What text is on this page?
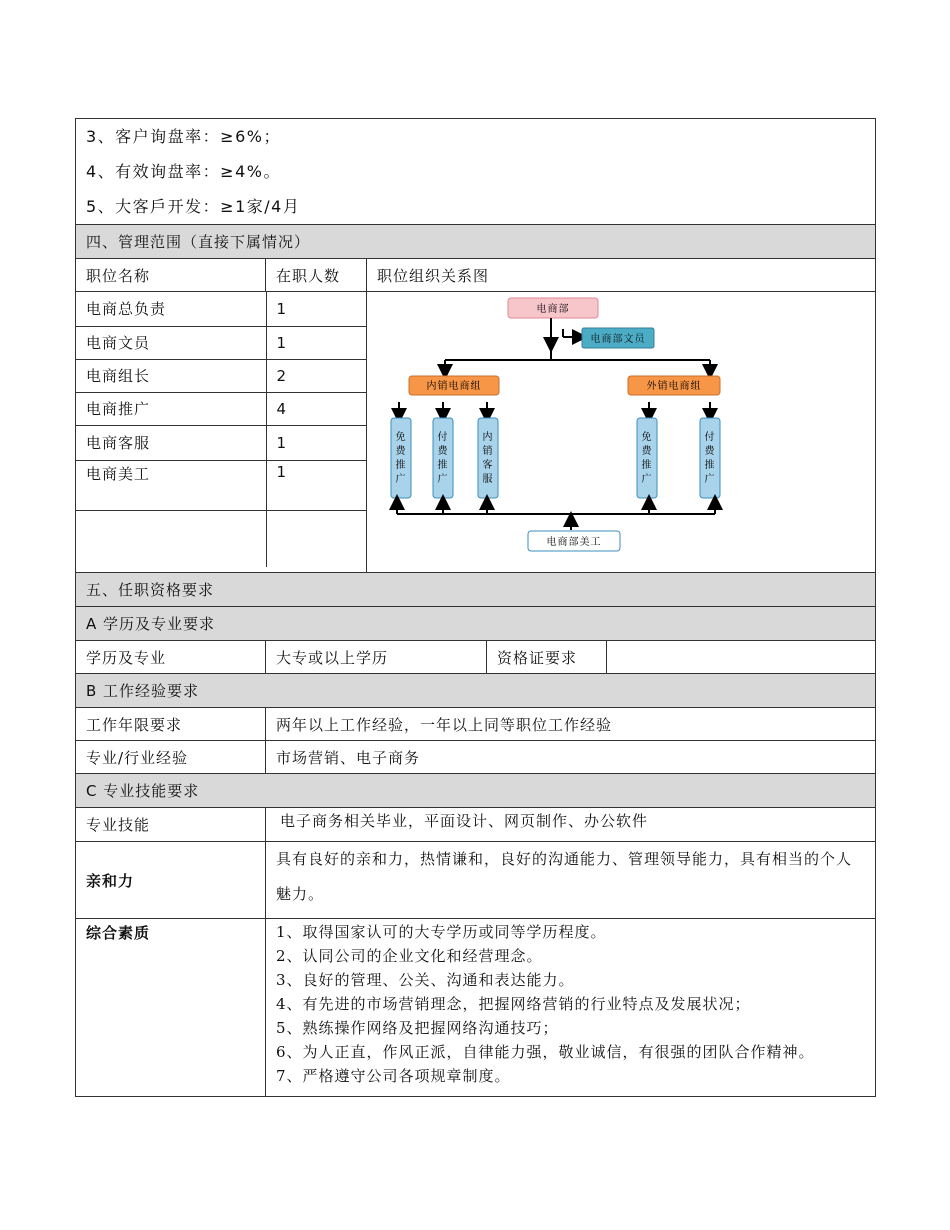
3、客户询盘率：≥6%；
4、有效询盘率：≥4%。
5、大客戶开发：≥1家/4月

四、管理范围（直接下属情况）
职位名称	在职人数	职位组织关系图

电商总负责	1
电商文员	1
电商组长	2
电商推广	4
电商客服	1
电商美工	1

电商部
电商部文员
内销电商组	外销电商组
免
费
推
广
付
费
推
广
内
销
客
服
免
费
推
广
付
费
推
广
电商部美工

五、任职资格要求
A 学历及专业要求
学历及专业	大专或以上学历	资格证要求	
B 工作经验要求
工作年限要求	两年以上工作经验，一年以上同等职位工作经验
专业/行业经验	市场营销、电子商务
C 专业技能要求
专业技能	电子商务相关毕业，平面设计、网页制作、办公软件
亲和力	具有良好的亲和力，热情谦和，良好的沟通能力、管理领导能力，具有相当的个人魅力。
综合素质	1、取得国家认可的大专学历或同等学历程度。
2、认同公司的企业文化和经营理念。
3、良好的管理、公关、沟通和表达能力。
4、有先进的市场营销理念，把握网络营销的行业特点及发展状况；
5、熟练操作网络及把握网络沟通技巧；
6、为人正直，作风正派，自律能力强，敬业诚信，有很强的团队合作精神。
7、严格遵守公司各项规章制度。
